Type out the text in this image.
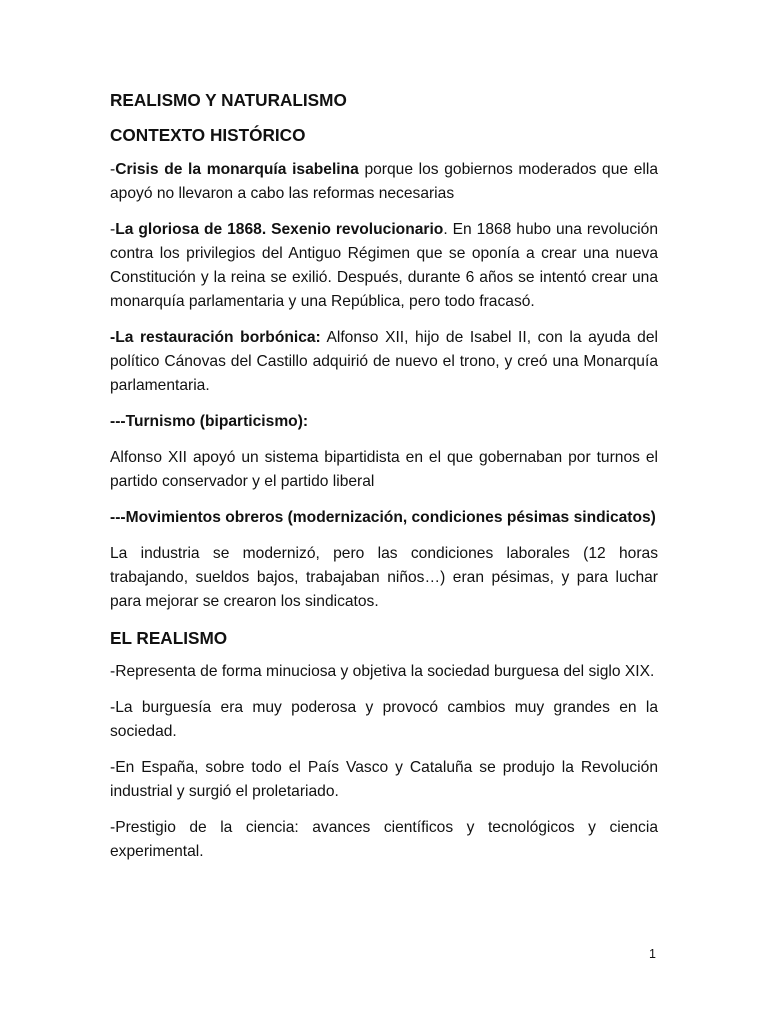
REALISMO Y NATURALISMO
CONTEXTO HISTÓRICO

-Crisis de la monarquía isabelina porque los gobiernos moderados que ella apoyó no llevaron a cabo las reformas necesarias

-La gloriosa de 1868. Sexenio revolucionario. En 1868 hubo una revolución contra los privilegios del Antiguo Régimen que se oponía a crear una nueva Constitución y la reina se exilió. Después, durante 6 años se intentó crear una monarquía parlamentaria y una República, pero todo fracasó.

-La restauración borbónica: Alfonso XII, hijo de Isabel II, con la ayuda del político Cánovas del Castillo adquirió de nuevo el trono, y creó una Monarquía parlamentaria.

---Turnismo (biparticismo):

Alfonso XII apoyó un sistema bipartidista en el que gobernaban por turnos el partido conservador y el partido liberal

---Movimientos obreros (modernización, condiciones pésimas sindicatos)

La industria se modernizó, pero las condiciones laborales (12 horas trabajando, sueldos bajos, trabajaban niños…) eran pésimas, y para luchar para mejorar se crearon los sindicatos.

EL REALISMO

-Representa de forma minuciosa y objetiva la sociedad burguesa del siglo XIX.

-La burguesía era muy poderosa y provocó cambios muy grandes en la sociedad.

-En España, sobre todo el País Vasco y Cataluña se produjo la Revolución industrial y surgió el proletariado.

-Prestigio de la ciencia: avances científicos y tecnológicos y ciencia experimental.

1
